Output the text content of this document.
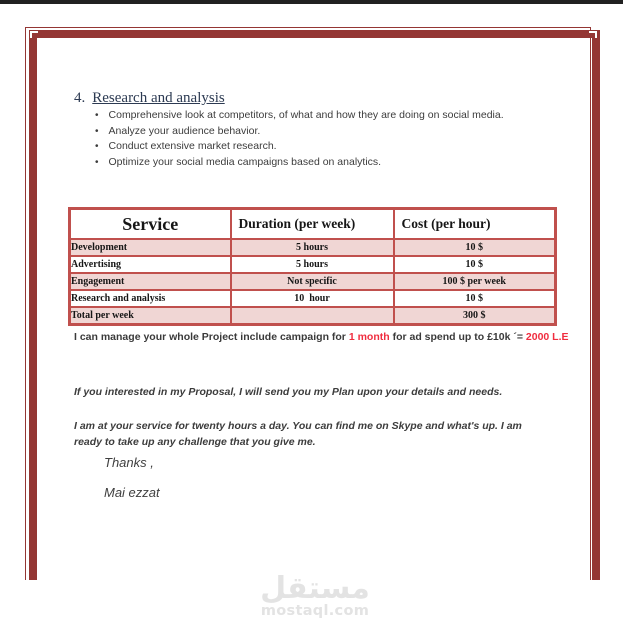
4. Research and analysis
• Comprehensive look at competitors, of what and how they are doing on social media.
• Analyze your audience behavior.
• Conduct extensive market research.
• Optimize your social media campaigns based on analytics.
Service	Duration (per week)	Cost (per hour)
Development	5 hours	10 $
Advertising	5 hours	10 $
Engagement	Not specific	100 $ per week
Research and analysis	10  hour	10 $
Total per week		300 $
I can manage your whole Project include campaign for 1 month for ad spend up to £10k ´= 2000 L.E
If you interested in my Proposal, I will send you my Plan upon your details and needs.
I am at your service for twenty hours a day. You can find me on Skype and what's up. I am ready to take up any challenge that you give me.
Thanks ,
Mai ezzat
مستقل
mostaql.com
